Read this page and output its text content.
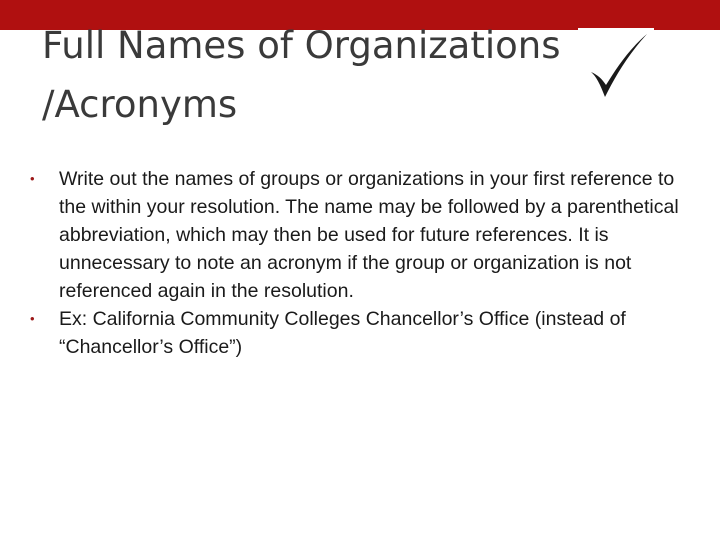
Full Names of Organizations
/Acronyms
•	Write out the names of groups or organizations in your first reference to the within your resolution. The name may be followed by a parenthetical abbreviation, which may then be used for future references. It is unnecessary to note an acronym if the group or organization is not referenced again in the resolution.
•	Ex: California Community Colleges Chancellor’s Office (instead of “Chancellor’s Office”)
